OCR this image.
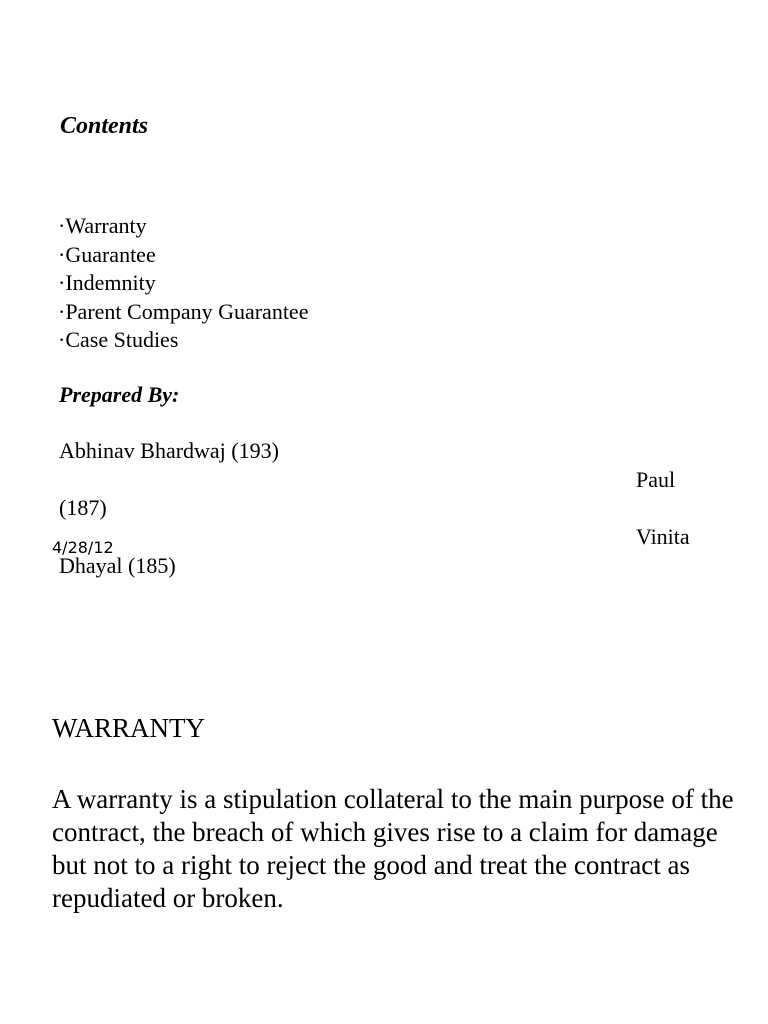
Contents
·Warranty
·Guarantee
·Indemnity
·Parent Company Guarantee
·Case Studies
Prepared By:
Abhinav Bhardwaj (193)
Paul
(187)
Vinita
Dhayal (185)
4/28/12
WARRANTY
A warranty is a stipulation collateral to the main purpose of the contract, the breach of which gives rise to a claim for damage but not to a right to reject the good and treat the contract as repudiated or broken.
